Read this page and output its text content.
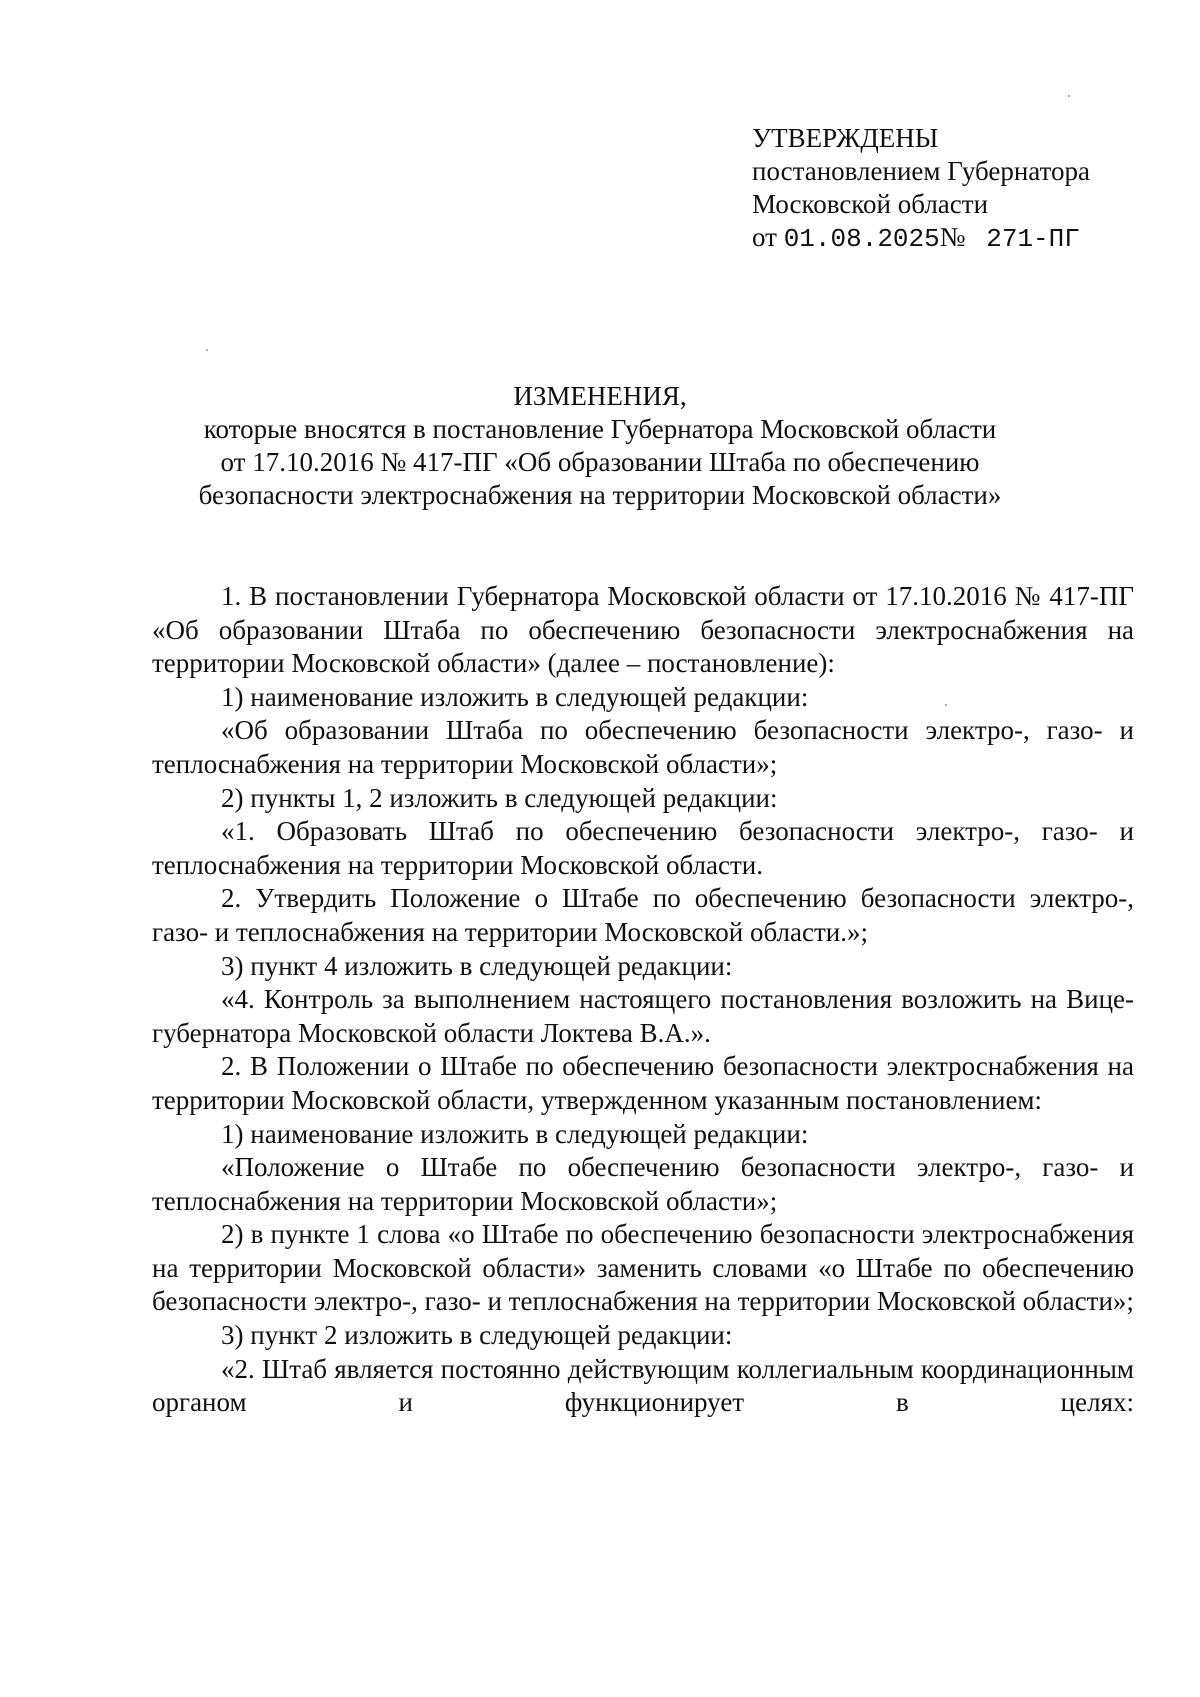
УТВЕРЖДЕНЫ
постановлением Губернатора
Московской области
от 01.08.2025№ 271-ПГ
ИЗМЕНЕНИЯ,
которые вносятся в постановление Губернатора Московской области
от 17.10.2016 № 417-ПГ «Об образовании Штаба по обеспечению
безопасности электроснабжения на территории Московской области»

1. В постановлении Губернатора Московской области от 17.10.2016 № 417-ПГ «Об образовании Штаба по обеспечению безопасности электроснабжения на территории Московской области» (далее – постановление):

1) наименование изложить в следующей редакции:

«Об образовании Штаба по обеспечению безопасности электро-, газо- и теплоснабжения на территории Московской области»;

2) пункты 1, 2 изложить в следующей редакции:

«1. Образовать Штаб по обеспечению безопасности электро-, газо- и теплоснабжения на территории Московской области.

2. Утвердить Положение о Штабе по обеспечению безопасности электро-, газо- и теплоснабжения на территории Московской области.»;

3) пункт 4 изложить в следующей редакции:

«4. Контроль за выполнением настоящего постановления возложить на Вице-губернатора Московской области Локтева В.А.».

2. В Положении о Штабе по обеспечению безопасности электроснабжения на территории Московской области, утвержденном указанным постановлением:

1) наименование изложить в следующей редакции:

«Положение о Штабе по обеспечению безопасности электро-, газо- и теплоснабжения на территории Московской области»;

2) в пункте 1 слова «о Штабе по обеспечению безопасности электроснабжения на территории Московской области» заменить словами «о Штабе по обеспечению безопасности электро-, газо- и теплоснабжения на территории Московской области»;

3) пункт 2 изложить в следующей редакции:

«2. Штаб является постоянно действующим коллегиальным координационным органом и функционирует в целях:
